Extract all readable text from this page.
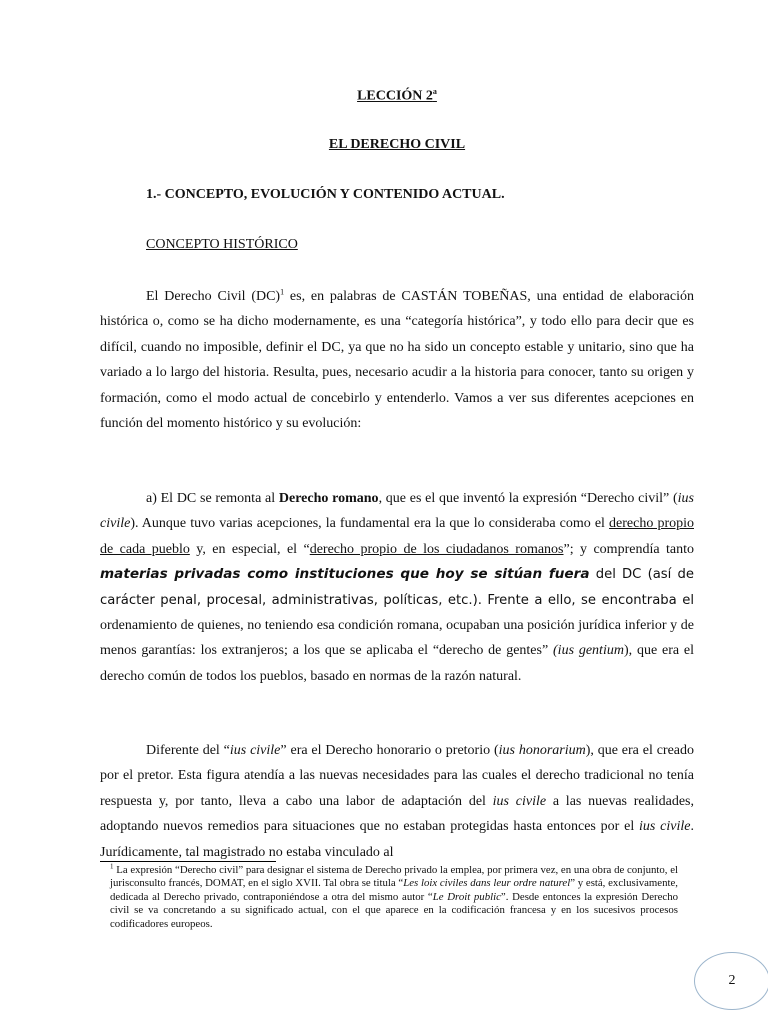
LECCIÓN 2$^a$
EL DERECHO CIVIL
1.- CONCEPTO, EVOLUCIÓN Y CONTENIDO ACTUAL.
CONCEPTO HISTÓRICO

El Derecho Civil (DC)$^1$ es, en palabras de CASTÁN TOBEÑAS, una entidad de elaboración histórica o, como se ha dicho modernamente, es una “categoría histórica”, y todo ello para decir que es difícil, cuando no imposible, definir el DC, ya que no ha sido un concepto estable y unitario, sino que ha variado a lo largo del historia. Resulta, pues, necesario acudir a la historia para conocer, tanto su origen y formación, como el modo actual de concebirlo y entenderlo. Vamos a ver sus diferentes acepciones en función del momento histórico y su evolución:

a) El DC se remonta al Derecho romano, que es el que inventó la expresión “Derecho civil” (ius civile). Aunque tuvo varias acepciones, la fundamental era la que lo consideraba como el derecho propio de cada pueblo y, en especial, el “derecho propio de los ciudadanos romanos”; y comprendía tanto materias privadas como instituciones que hoy se sitúan fuera del DC (así de carácter penal, procesal, administrativas, políticas, etc.). Frente a ello, se encontraba el ordenamiento de quienes, no teniendo esa condición romana, ocupaban una posición jurídica inferior y de menos garantías: los extranjeros; a los que se aplicaba el “derecho de gentes” (ius gentium), que era el derecho común de todos los pueblos, basado en normas de la razón natural.

Diferente del “ius civile” era el Derecho honorario o pretorio (ius honorarium), que era el creado por el pretor. Esta figura atendía a las nuevas necesidades para las cuales el derecho tradicional no tenía respuesta y, por tanto, lleva a cabo una labor de adaptación del ius civile a las nuevas realidades, adoptando nuevos remedios para situaciones que no estaban protegidas hasta entonces por el ius civile. Jurídicamente, tal magistrado no estaba vinculado al

$^1$ La expresión “Derecho civil” para designar el sistema de Derecho privado la emplea, por primera vez, en una obra de conjunto, el jurisconsulto francés, DOMAT, en el siglo XVII. Tal obra se titula “Les loix civiles dans leur ordre naturel” y está, exclusivamente, dedicada al Derecho privado, contraponiéndose a otra del mismo autor “Le Droit public”. Desde entonces la expresión Derecho civil se va concretando a su significado actual, con el que aparece en la codificación francesa y en los sucesivos procesos codificadores europeos.

2
